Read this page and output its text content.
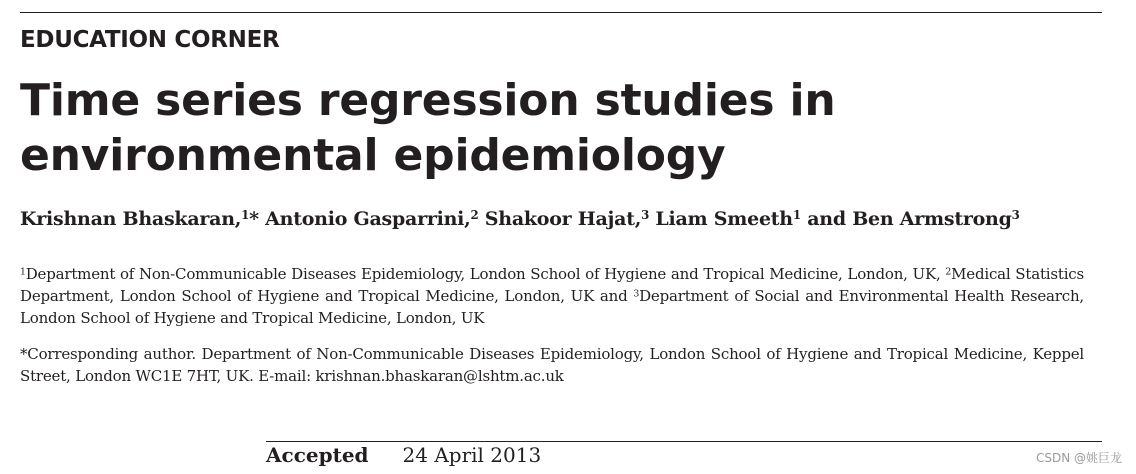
EDUCATION CORNER
Time series regression studies in environmental epidemiology
Krishnan Bhaskaran,$^1$* Antonio Gasparrini,$^2$ Shakoor Hajat,$^3$ Liam Smeeth$^1$ and Ben Armstrong$^3$
$^1$Department of Non-Communicable Diseases Epidemiology, London School of Hygiene and Tropical Medicine, London, UK, $^2$Medical Statistics Department, London School of Hygiene and Tropical Medicine, London, UK and $^3$Department of Social and Environmental Health Research, London School of Hygiene and Tropical Medicine, London, UK
*Corresponding author. Department of Non-Communicable Diseases Epidemiology, London School of Hygiene and Tropical Medicine, Keppel Street, London WC1E 7HT, UK. E-mail: krishnan.bhaskaran@lshtm.ac.uk
Accepted 24 April 2013	CSDN @姚巨龙
